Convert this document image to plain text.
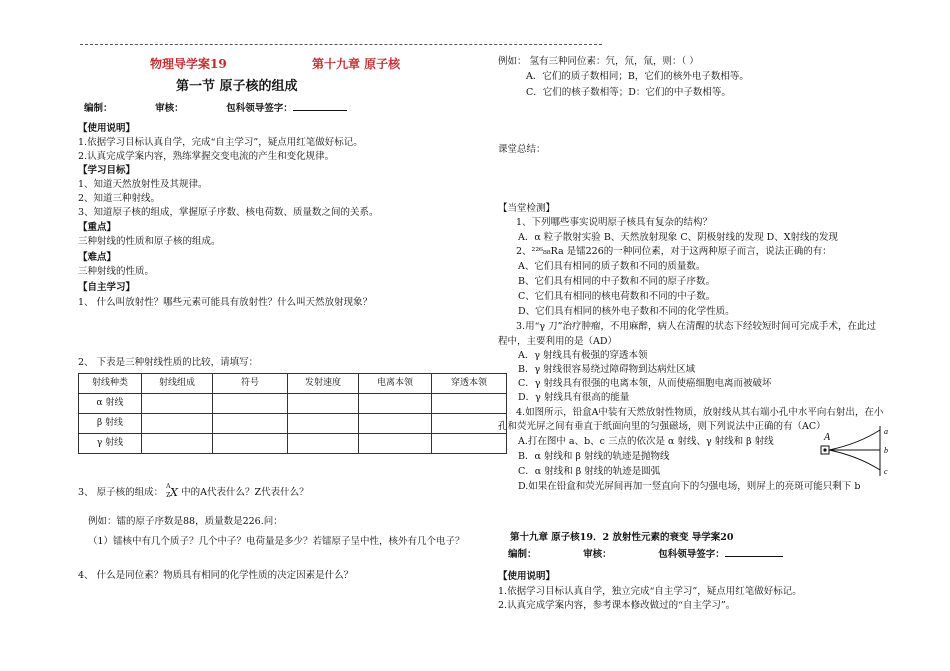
物理导学案19	第十九章 原子核
第一节 原子核的组成
编制：	审核：	包科领导签字：
【使用说明】
1.依据学习目标认真自学，完成“自主学习”，疑点用红笔做好标记。
2.认真完成学案内容，熟练掌握交变电流的产生和变化规律。
【学习目标】
1、知道天然放射性及其规律。
2、知道三种射线。
3、知道原子核的组成，掌握原子序数、核电荷数、质量数之间的关系。
【重点】
三种射线的性质和原子核的组成。
【难点】
三种射线的性质。
【自主学习】
1、 什么叫放射性？哪些元素可能具有放射性？什么叫天然放射现象？
2、 下表是三种射线性质的比较，请填写：
射线种类	射线组成	符号	发射速度	电离本领	穿透本领
α 射线					
β 射线					
γ 射线					
3、 原子核的组成：
A
Z X 中的A代表什么？Z代表什么？
例如：镭的原子序数是88，质量数是226.问：
（1）镭核中有几个质子？几个中子？电荷量是多少？若镭原子呈中性，核外有几个电子？
4、 什么是同位素？物质具有相同的化学性质的决定因素是什么？
例如： 氢有三种同位素：氕，氘，氚，则：（ ）
A．它们的质子数相同；B，它们的核外电子数相等。
C．它们的核子数相等；D：它们的中子数相等。
课堂总结：
【当堂检测】
1、下列哪些事实说明原子核具有复杂的结构？
A．α 粒子散射实验 B、天然放射现象 C、阴极射线的发现 D、X射线的发现
2、²²⁶₈₈Ra 是镭226的一种同位素，对于这两种原子而言，说法正确的有：
A、它们具有相同的质子数和不同的质量数。
B、它们具有相同的中子数和不同的原子序数。
C、它们具有相同的核电荷数和不同的中子数。
D、它们具有相同的核外电子数和不同的化学性质。
3.用“γ 刀”治疗肿瘤，不用麻醉，病人在清醒的状态下经较短时间可完成手术，在此过
程中，主要利用的是（AD）
A．γ 射线具有极强的穿透本领
B．γ 射线很容易绕过障碍物到达病灶区域
C．γ 射线具有很强的电离本领，从而使癌细胞电离而被破坏
D．γ 射线具有很高的能量
4.如图所示，铅盒A中装有天然放射性物质，放射线从其右端小孔中水平向右射出，在小
孔和荧光屏之间有垂直于纸面向里的匀强磁场，则下列说法中正确的有（AC）
A.打在图中 a、b、c 三点的依次是 α 射线、γ 射线和 β 射线
B．α 射线和 β 射线的轨迹是抛物线
C．α 射线和 β 射线的轨迹是圆弧
D.如果在铅盒和荧光屏间再加一竖直向下的匀强电场，则屏上的亮斑可能只剩下 b
A
a
b
c
第十九章 原子核19．2 放射性元素的衰变 导学案20
编制：	审核：	包科领导签字：
【使用说明】
1.依据学习目标认真自学，独立完成“自主学习”，疑点用红笔做好标记。
2.认真完成学案内容，参考课本修改做过的“自主学习”。
